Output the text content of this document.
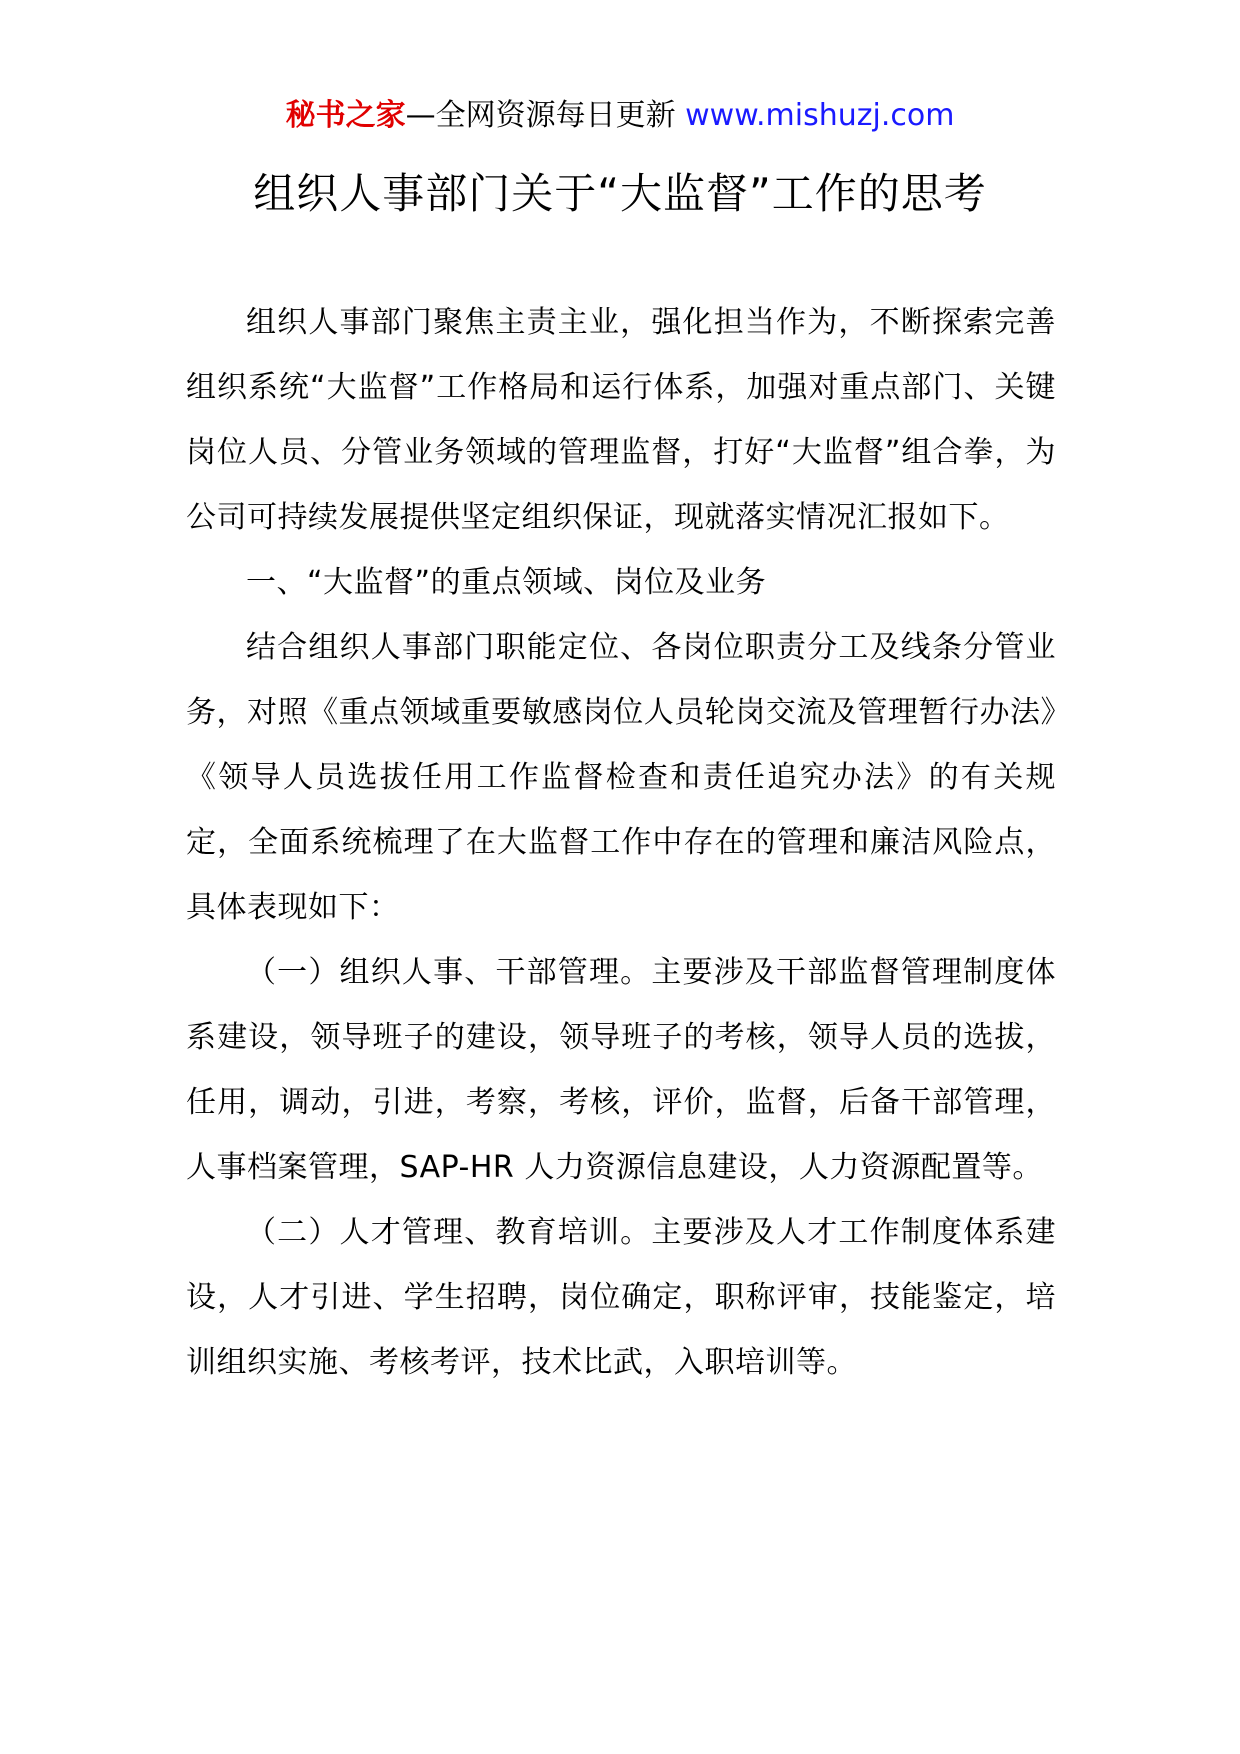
秘书之家—全网资源每日更新 www.mishuzj.com
组织人事部门关于“大监督”工作的思考

组织人事部门聚焦主责主业，强化担当作为，不断探索完善组织系统“大监督”工作格局和运行体系，加强对重点部门、关键岗位人员、分管业务领域的管理监督，打好“大监督”组合拳，为公司可持续发展提供坚定组织保证，现就落实情况汇报如下。

一、“大监督”的重点领域、岗位及业务

结合组织人事部门职能定位、各岗位职责分工及线条分管业务，对照《重点领域重要敏感岗位人员轮岗交流及管理暂行办法》《领导人员选拔任用工作监督检查和责任追究办法》的有关规定，全面系统梳理了在大监督工作中存在的管理和廉洁风险点，具体表现如下：

（一）组织人事、干部管理。主要涉及干部监督管理制度体系建设，领导班子的建设，领导班子的考核，领导人员的选拔，任用，调动，引进，考察，考核，评价，监督，后备干部管理，人事档案管理，SAP-HR 人力资源信息建设，人力资源配置等。

（二）人才管理、教育培训。主要涉及人才工作制度体系建设，人才引进、学生招聘，岗位确定，职称评审，技能鉴定，培训组织实施、考核考评，技术比武，入职培训等。
